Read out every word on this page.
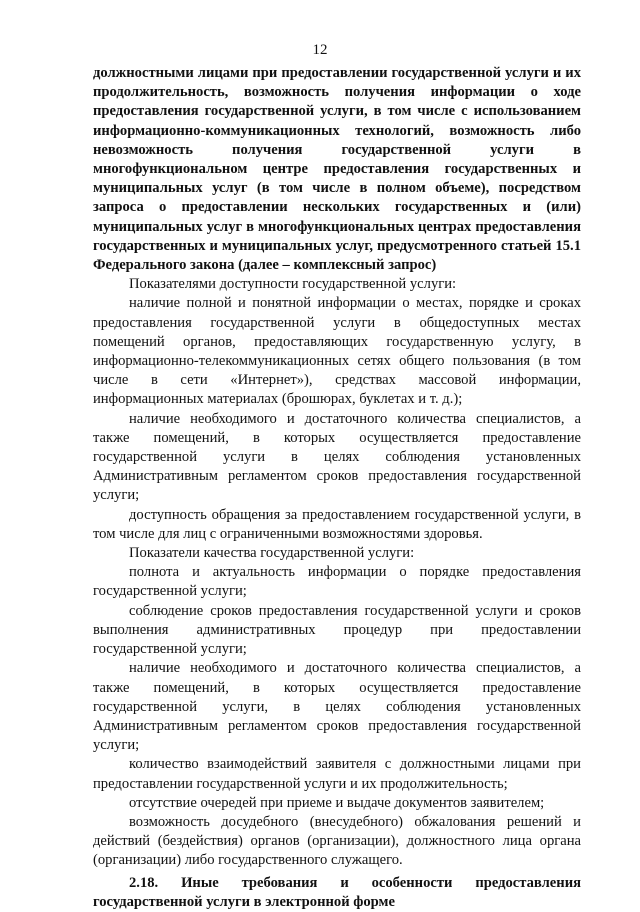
12

должностными лицами при предоставлении государственной услуги и их продолжительность, возможность получения информации о ходе предоставления государственной услуги, в том числе с использованием информационно-коммуникационных технологий, возможность либо невозможность получения государственной услуги в многофункциональном центре предоставления государственных и муниципальных услуг (в том числе в полном объеме), посредством запроса о предоставлении нескольких государственных и (или) муниципальных услуг в многофункциональных центрах предоставления государственных и муниципальных услуг, предусмотренного статьей 15.1 Федерального закона (далее – комплексный запрос)

Показателями доступности государственной услуги:

наличие полной и понятной информации о местах, порядке и сроках предоставления государственной услуги в общедоступных местах помещений органов, предоставляющих государственную услугу, в информационно-телекоммуникационных сетях общего пользования (в том числе в сети «Интернет»), средствах массовой информации, информационных материалах (брошюрах, буклетах и т. д.);

наличие необходимого и достаточного количества специалистов, а также помещений, в которых осуществляется предоставление государственной услуги в целях соблюдения установленных Административным регламентом сроков предоставления государственной услуги;

доступность обращения за предоставлением государственной услуги, в том числе для лиц с ограниченными возможностями здоровья.

Показатели качества государственной услуги:

полнота и актуальность информации о порядке предоставления государственной услуги;

соблюдение сроков предоставления государственной услуги и сроков выполнения административных процедур при предоставлении государственной услуги;

наличие необходимого и достаточного количества специалистов, а также помещений, в которых осуществляется предоставление государственной услуги, в целях соблюдения установленных Административным регламентом сроков предоставления государственной услуги;

количество взаимодействий заявителя с должностными лицами при предоставлении государственной услуги и их продолжительность;

отсутствие очередей при приеме и выдаче документов заявителем;

возможность досудебного (внесудебного) обжалования решений и действий (бездействия) органов (организации), должностного лица органа (организации) либо государственного служащего.

2.18. Иные требования и особенности предоставления государственной услуги в электронной форме
